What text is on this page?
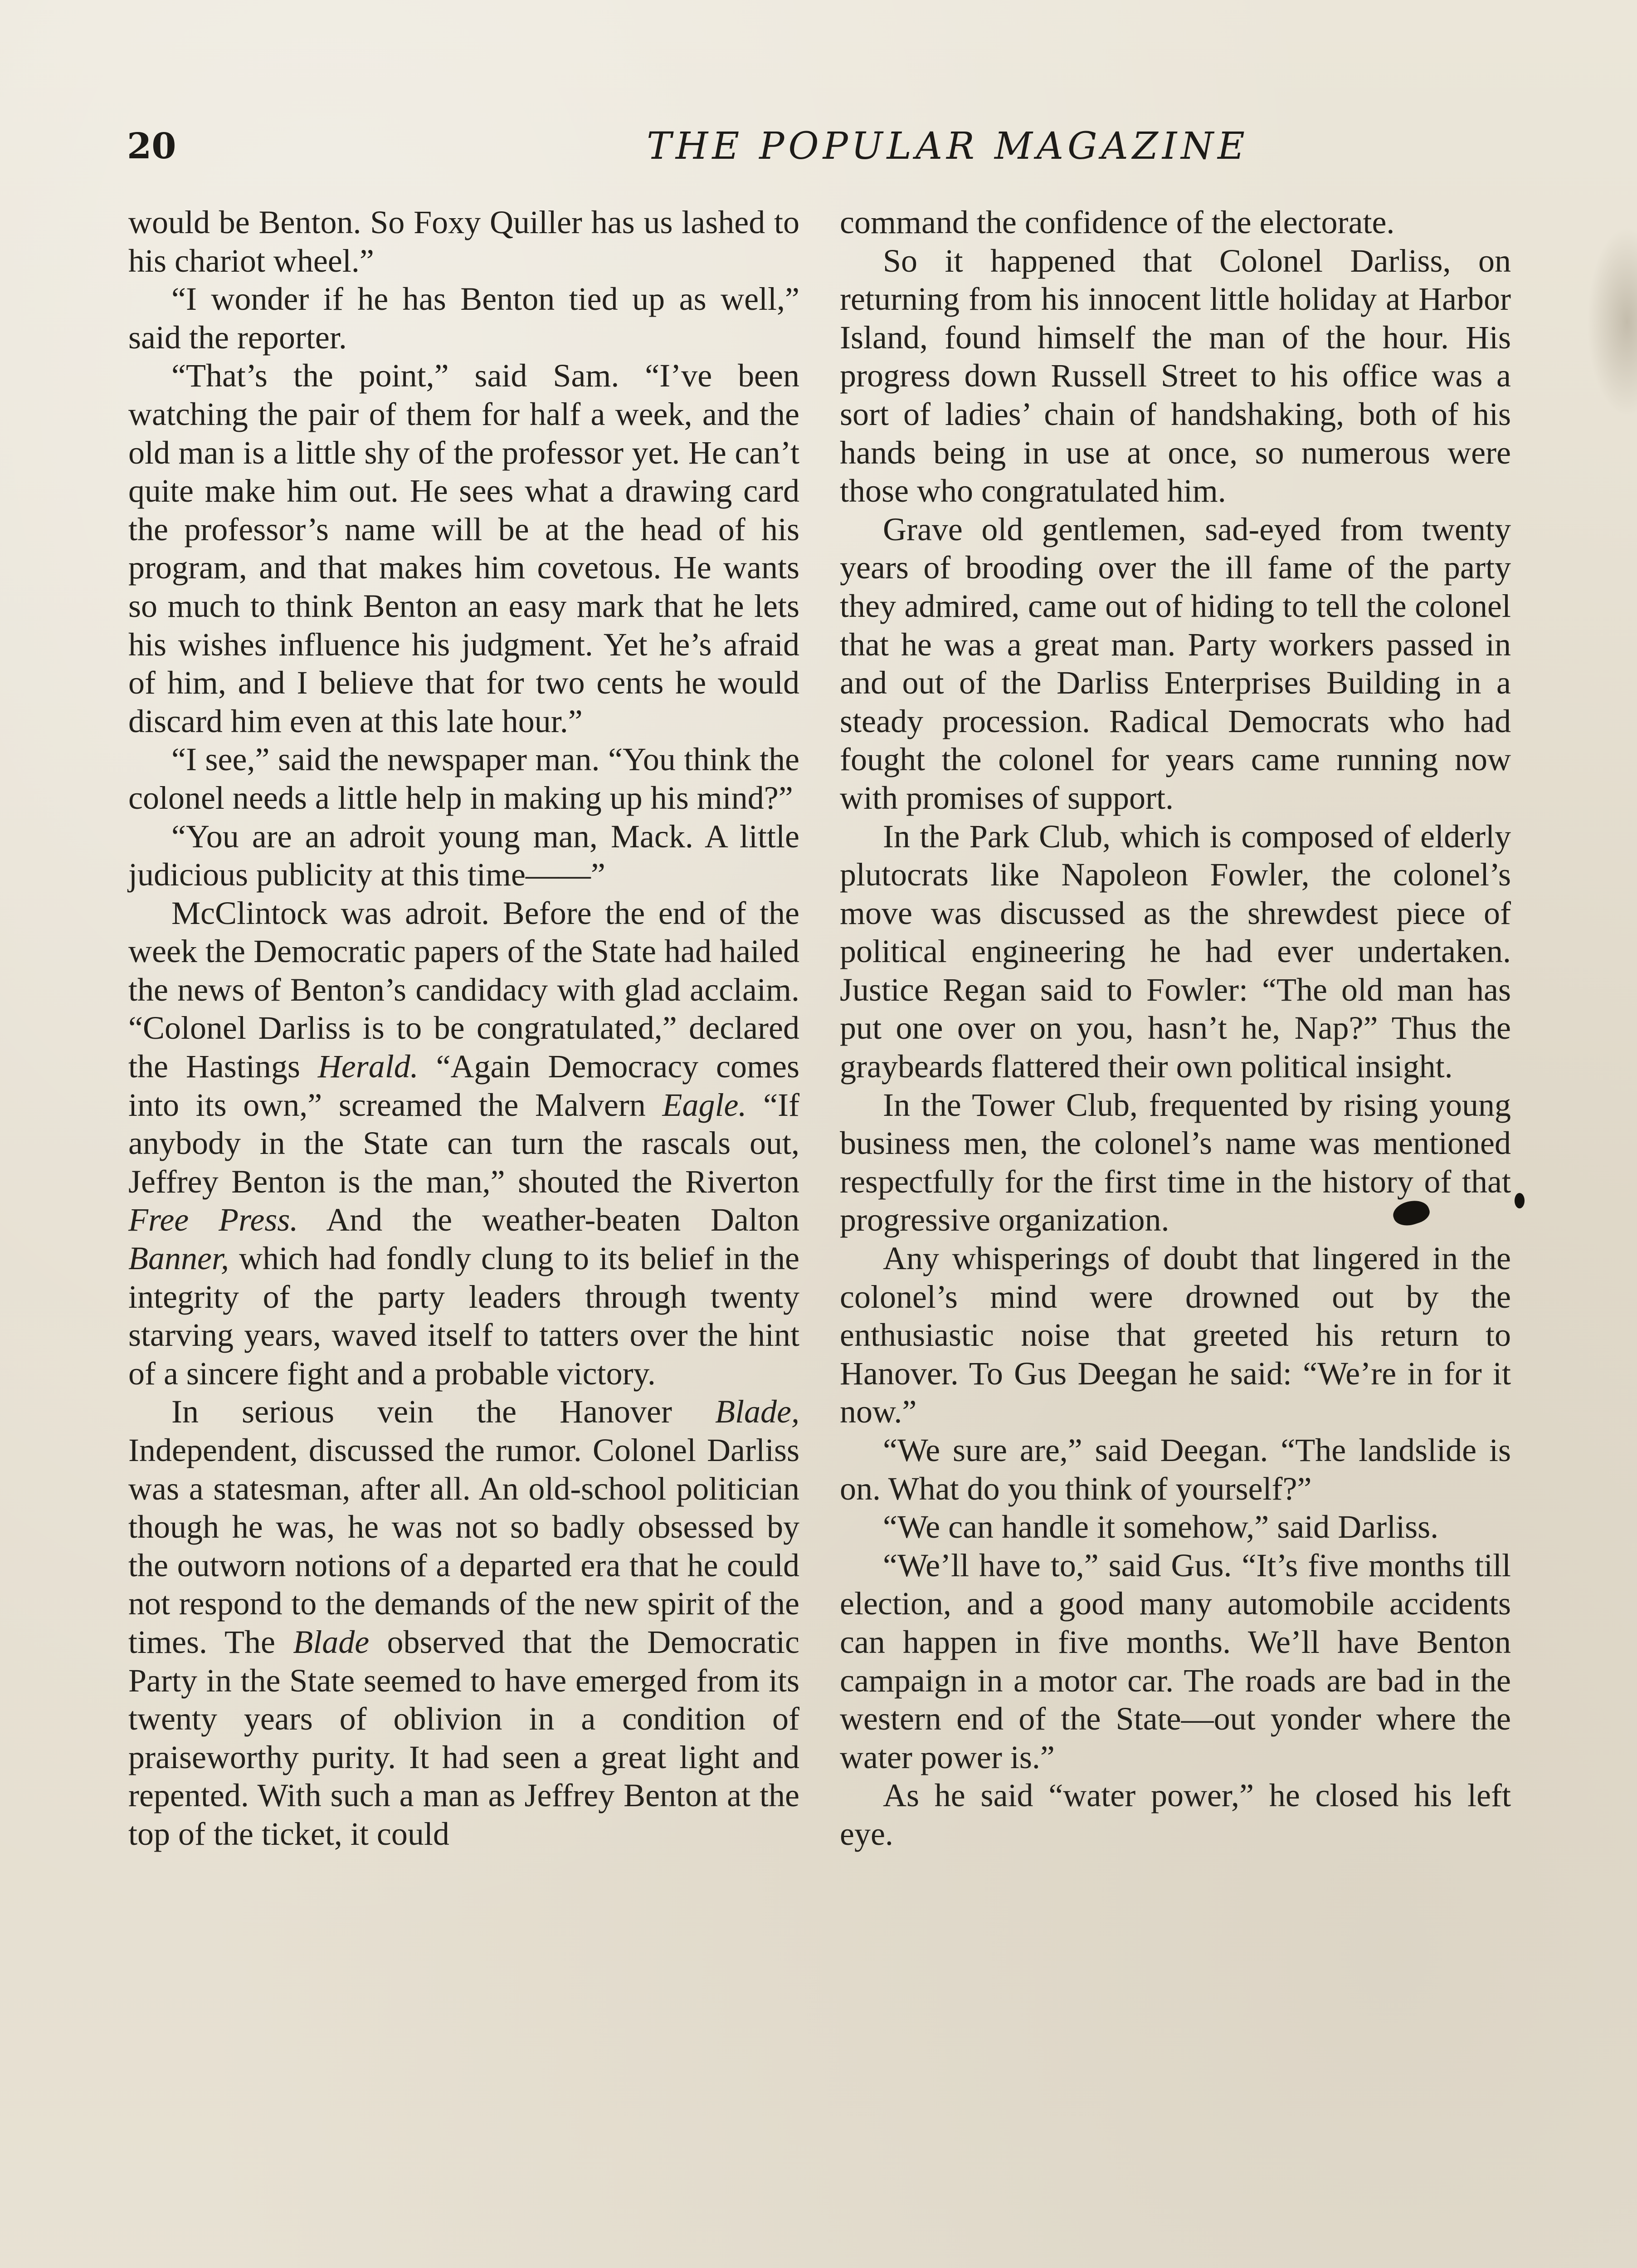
20	THE POPULAR MAGAZINE

would be Benton. So Foxy Quiller has us lashed to his chariot wheel.”

“I wonder if he has Benton tied up as well,” said the reporter.

“That’s the point,” said Sam. “I’ve been watching the pair of them for half a week, and the old man is a little shy of the professor yet. He can’t quite make him out. He sees what a drawing card the professor’s name will be at the head of his program, and that makes him covetous. He wants so much to think Benton an easy mark that he lets his wishes influence his judgment. Yet he’s afraid of him, and I believe that for two cents he would discard him even at this late hour.”

“I see,” said the newspaper man. “You think the colonel needs a little help in making up his mind?”

“You are an adroit young man, Mack. A little judicious publicity at this time——”

McClintock was adroit. Before the end of the week the Democratic papers of the State had hailed the news of Benton’s candidacy with glad acclaim. “Colonel Darliss is to be congratulated,” declared the Hastings Herald. “Again Democracy comes into its own,” screamed the Malvern Eagle. “If anybody in the State can turn the rascals out, Jeffrey Benton is the man,” shouted the Riverton Free Press. And the weather-beaten Dalton Banner, which had fondly clung to its belief in the integrity of the party leaders through twenty starving years, waved itself to tatters over the hint of a sincere fight and a probable victory.

In serious vein the Hanover Blade, Independent, discussed the rumor. Colonel Darliss was a statesman, after all. An old-school politician though he was, he was not so badly obsessed by the outworn notions of a departed era that he could not respond to the demands of the new spirit of the times. The Blade observed that the Democratic Party in the State seemed to have emerged from its twenty years of oblivion in a condition of praiseworthy purity. It had seen a great light and repented. With such a man as Jeffrey Benton at the top of the ticket, it could

command the confidence of the electorate.

So it happened that Colonel Darliss, on returning from his innocent little holiday at Harbor Island, found himself the man of the hour. His progress down Russell Street to his office was a sort of ladies’ chain of handshaking, both of his hands being in use at once, so numerous were those who congratulated him.

Grave old gentlemen, sad-eyed from twenty years of brooding over the ill fame of the party they admired, came out of hiding to tell the colonel that he was a great man. Party workers passed in and out of the Darliss Enterprises Building in a steady procession. Radical Democrats who had fought the colonel for years came running now with promises of support.

In the Park Club, which is composed of elderly plutocrats like Napoleon Fowler, the colonel’s move was discussed as the shrewdest piece of political engineering he had ever undertaken. Justice Regan said to Fowler: “The old man has put one over on you, hasn’t he, Nap?” Thus the graybeards flattered their own political insight.

In the Tower Club, frequented by rising young business men, the colonel’s name was mentioned respectfully for the first time in the history of that progressive organization.

Any whisperings of doubt that lingered in the colonel’s mind were drowned out by the enthusiastic noise that greeted his return to Hanover. To Gus Deegan he said: “We’re in for it now.”

“We sure are,” said Deegan. “The landslide is on. What do you think of yourself?”

“We can handle it somehow,” said Darliss.

“We’ll have to,” said Gus. “It’s five months till election, and a good many automobile accidents can happen in five months. We’ll have Benton campaign in a motor car. The roads are bad in the western end of the State—out yonder where the water power is.”

As he said “water power,” he closed his left eye.
